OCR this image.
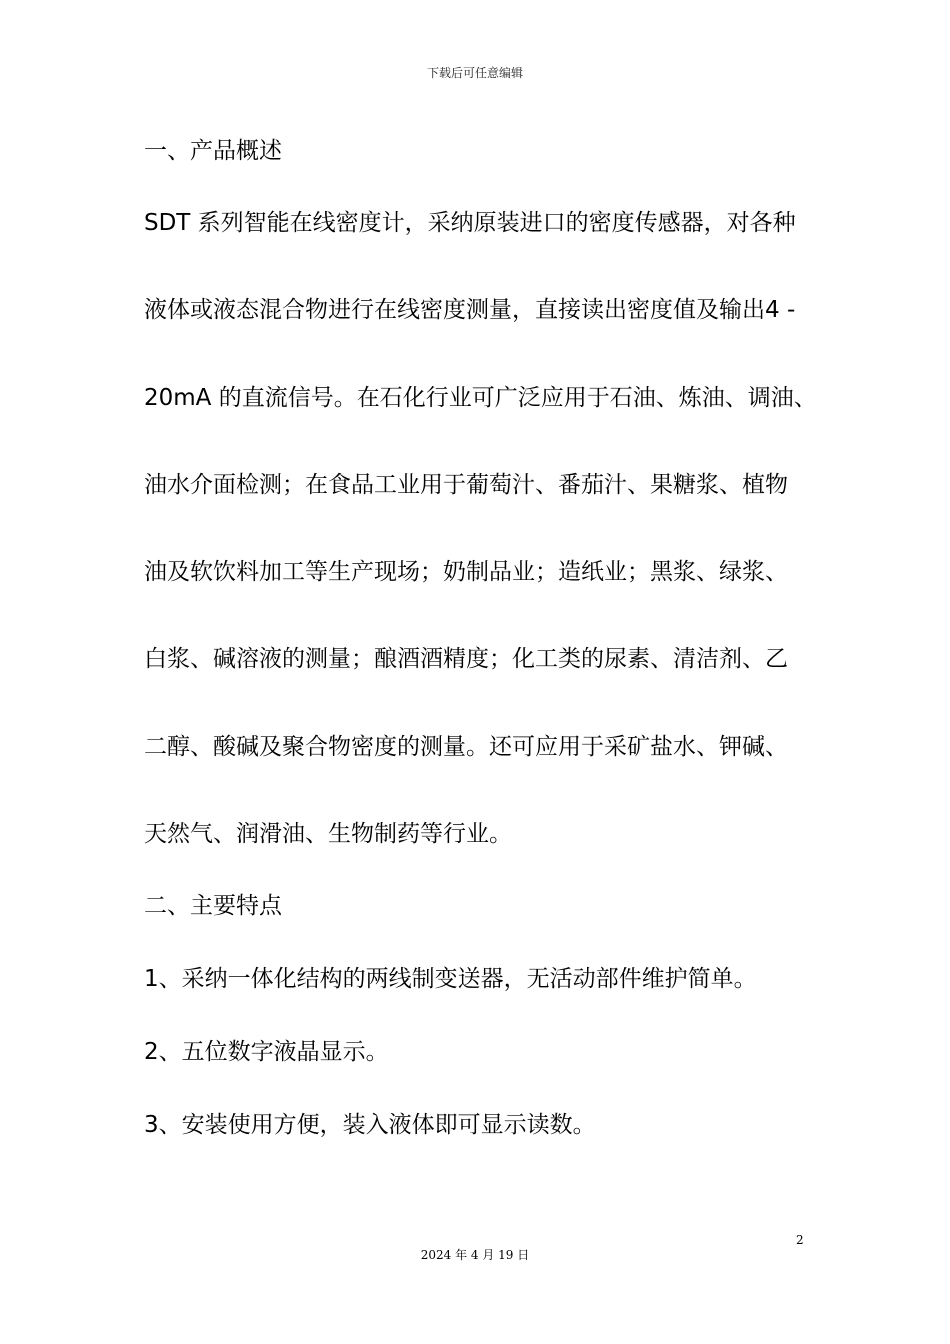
下载后可任意编辑
一、产品概述
SDT 系列智能在线密度计，采纳原装进口的密度传感器，对各种
液体或液态混合物进行在线密度测量，直接读出密度值及输出4 -
20mA 的直流信号。在石化行业可广泛应用于石油、炼油、调油、
油水介面检测；在食品工业用于葡萄汁、番茄汁、果糖浆、植物
油及软饮料加工等生产现场；奶制品业；造纸业；黑浆、绿浆、
白浆、碱溶液的测量；酿酒酒精度；化工类的尿素、清洁剂、乙
二醇、酸碱及聚合物密度的测量。还可应用于采矿盐水、钾碱、
天然气、润滑油、生物制药等行业。
二、主要特点
1、采纳一体化结构的两线制变送器，无活动部件维护简单。
2、五位数字液晶显示。
3、安装使用方便，装入液体即可显示读数。
2
2024 年 4 月 19 日
